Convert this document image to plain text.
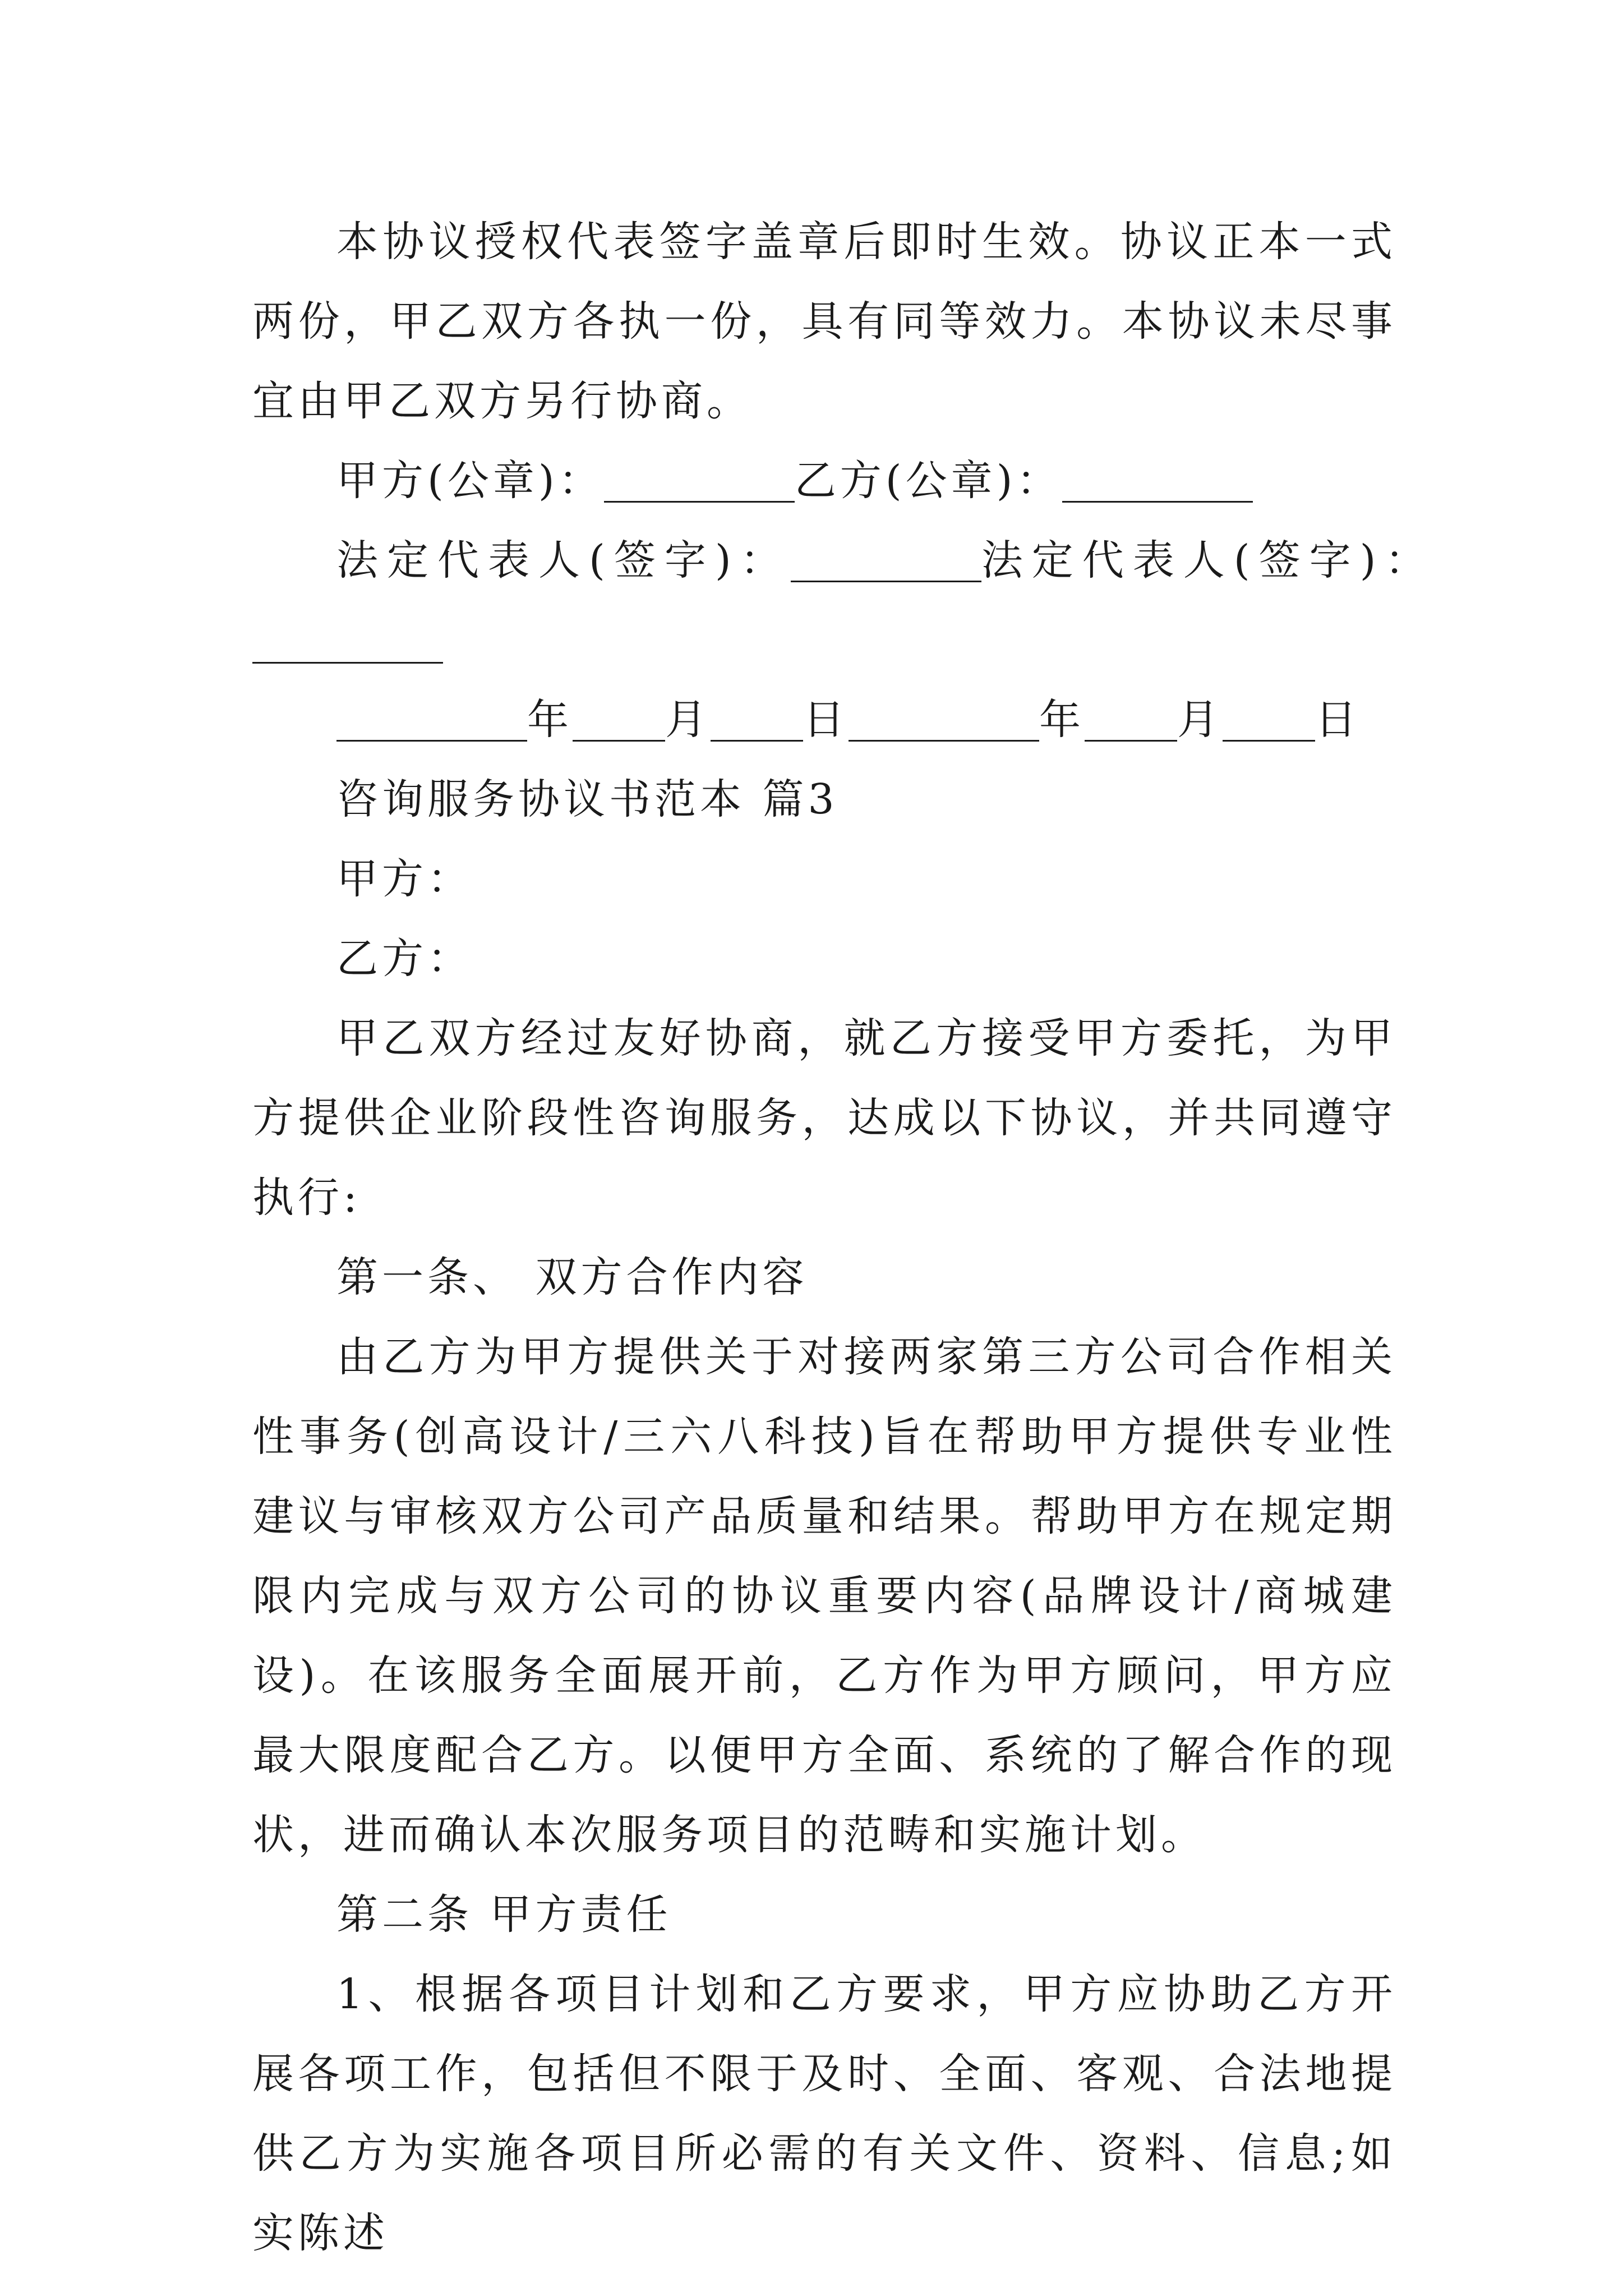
本协议授权代表签字盖章后即时生效。协议正本一式两份，甲乙双方各执一份，具有同等效力。本协议未尽事宜由甲乙双方另行协商。

甲方(公章)：	乙方(公章)：

法定代表人(签字)：	法定代表人(签字)：

年 月 日	年 月 日

咨询服务协议书范本 篇3

甲方：

乙方：

甲乙双方经过友好协商，就乙方接受甲方委托，为甲方提供企业阶段性咨询服务，达成以下协议，并共同遵守执行:

第一条、 双方合作内容

由乙方为甲方提供关于对接两家第三方公司合作相关性事务(创高设计/三六八科技)旨在帮助甲方提供专业性建议与审核双方公司产品质量和结果。帮助甲方在规定期限内完成与双方公司的协议重要内容(品牌设计/商城建设)。在该服务全面展开前，乙方作为甲方顾问，甲方应最大限度配合乙方。以便甲方全面、系统的了解合作的现状，进而确认本次服务项目的范畴和实施计划。

第二条 甲方责任

1、根据各项目计划和乙方要求，甲方应协助乙方开展各项工作，包括但不限于及时、全面、客观、合法地提供乙方为实施各项目所必需的有关文件、资料、信息;如实陈述
